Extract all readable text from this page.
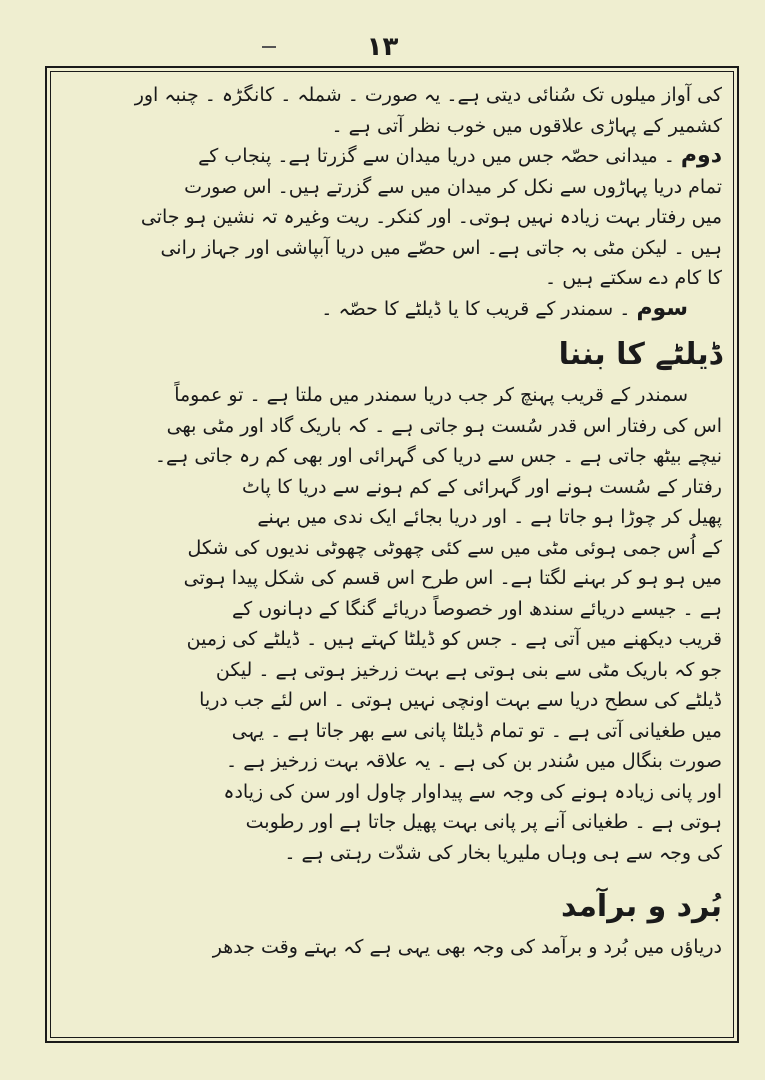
۱۳
کی آواز میلوں تک سُنائی دیتی ہے۔ یہ صورت ۔ شملہ ۔ کانگڑہ ۔ چنبہ اور
کشمیر کے پہاڑی علاقوں میں خوب نظر آتی ہے ۔
دوم ۔ میدانی حصّہ جس میں دریا میدان سے گزرتا ہے۔ پنجاب کے
تمام دریا پہاڑوں سے نکل کر میدان میں سے گزرتے ہیں۔ اس صورت
میں رفتار بہت زیادہ نہیں ہوتی۔ اور کنکر۔ ریت وغیرہ تہ نشین ہو جاتی
ہیں ۔ لیکن مٹی بہ جاتی ہے۔ اس حصّے میں دریا آبپاشی اور جہاز رانی
کا کام دے سکتے ہیں ۔
سوم ۔ سمندر کے قریب کا یا ڈیلٹے کا حصّہ ۔
ڈیلٹے کا بننا
سمندر کے قریب پہنچ کر جب دریا سمندر میں ملتا ہے ۔ تو عموماً
اس کی رفتار اس قدر سُست ہو جاتی ہے ۔ کہ باریک گاد اور مٹی بھی
نیچے بیٹھ جاتی ہے ۔ جس سے دریا کی گہرائی اور بھی کم رہ جاتی ہے۔
رفتار کے سُست ہونے اور گہرائی کے کم ہونے سے دریا کا پاٹ
پھیل کر چوڑا ہو جاتا ہے ۔ اور دریا بجائے ایک ندی میں بہنے
کے اُس جمی ہوئی مٹی میں سے کئی چھوٹی چھوٹی ندیوں کی شکل
میں ہو ہو کر بہنے لگتا ہے۔ اس طرح اس قسم کی شکل پیدا ہوتی
ہے ۔ جیسے دریائے سندھ اور خصوصاً دریائے گنگا کے دہانوں کے
قریب دیکھنے میں آتی ہے ۔ جس کو ڈیلٹا کہتے ہیں ۔ ڈیلٹے کی زمین
جو کہ باریک مٹی سے بنی ہوتی ہے بہت زرخیز ہوتی ہے ۔ لیکن
ڈیلٹے کی سطح دریا سے بہت اونچی نہیں ہوتی ۔ اس لئے جب دریا
میں طغیانی آتی ہے ۔ تو تمام ڈیلٹا پانی سے بھر جاتا ہے ۔ یہی
صورت بنگال میں سُندر بن کی ہے ۔ یہ علاقہ بہت زرخیز ہے ۔
اور پانی زیادہ ہونے کی وجہ سے پیداوار چاول اور سن کی زیادہ
ہوتی ہے ۔ طغیانی آنے پر پانی بہت پھیل جاتا ہے اور رطوبت
کی وجہ سے ہی وہاں ملیریا بخار کی شدّت رہتی ہے ۔
بُرد و برآمد
دریاؤں میں بُرد و برآمد کی وجہ بھی یہی ہے کہ بہتے وقت جدھر
